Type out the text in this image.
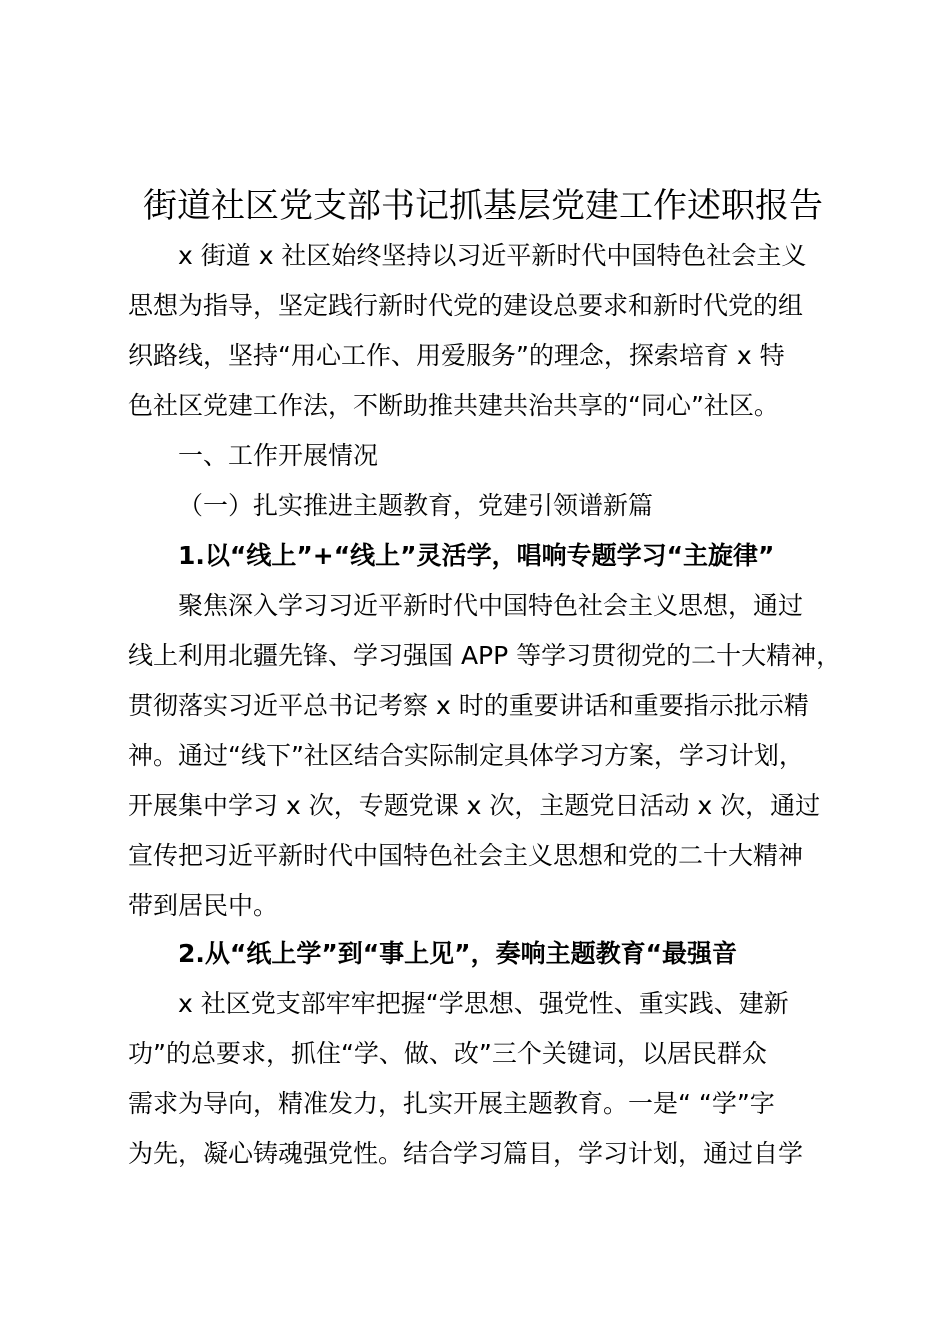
街道社区党支部书记抓基层党建工作述职报告
x 街道 x 社区始终坚持以习近平新时代中国特色社会主义
思想为指导，坚定践行新时代党的建设总要求和新时代党的组
织路线，坚持“用心工作、用爱服务”的理念，探索培育 x 特
色社区党建工作法，不断助推共建共治共享的“同心”社区。
一、工作开展情况
（一）扎实推进主题教育，党建引领谱新篇
1.以“线上”+“线上”灵活学，唱响专题学习“主旋律”
聚焦深入学习习近平新时代中国特色社会主义思想，通过
线上利用北疆先锋、学习强国 APP 等学习贯彻党的二十大精神，
贯彻落实习近平总书记考察 x 时的重要讲话和重要指示批示精
神。通过“线下”社区结合实际制定具体学习方案，学习计划，
开展集中学习 x 次，专题党课 x 次，主题党日活动 x 次，通过
宣传把习近平新时代中国特色社会主义思想和党的二十大精神
带到居民中。
2.从“纸上学”到“事上见”，奏响主题教育“最强音
x 社区党支部牢牢把握“学思想、强党性、重实践、建新
功”的总要求，抓住“学、做、改”三个关键词，以居民群众
需求为导向，精准发力，扎实开展主题教育。一是“ “学”字
为先，凝心铸魂强党性。结合学习篇目，学习计划，通过自学
